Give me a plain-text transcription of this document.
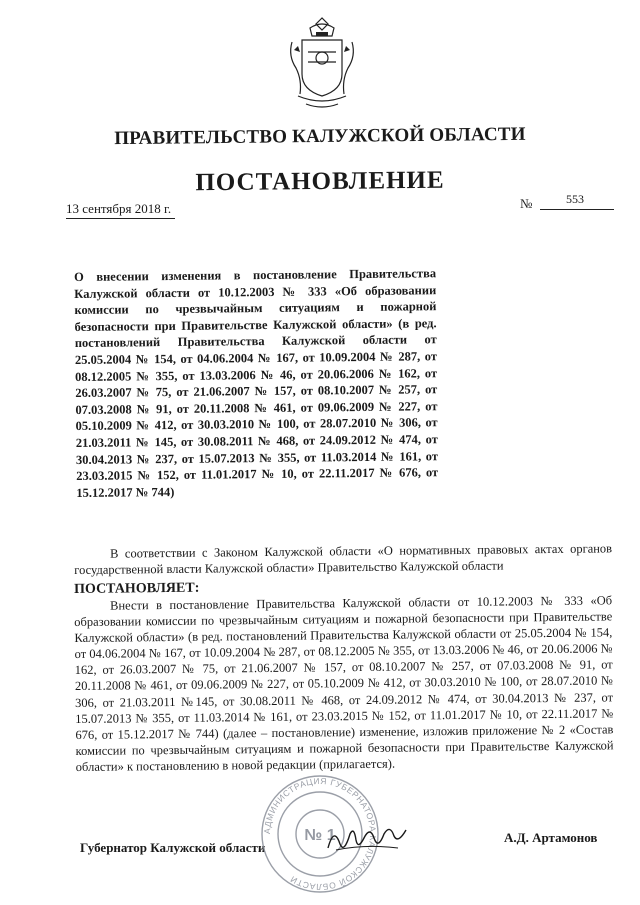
ПРАВИТЕЛЬСТВО КАЛУЖСКОЙ ОБЛАСТИ
ПОСТАНОВЛЕНИЕ
13 сентября 2018 г.	№	553
О внесении изменения в постановление Правительства Калужской области от 10.12.2003 № 333 «Об образовании комиссии по чрезвычайным ситуациям и пожарной безопасности при Правительстве Калужской области» (в ред. постановлений Правительства Калужской области от 25.05.2004 № 154, от 04.06.2004 № 167, от 10.09.2004 № 287, от 08.12.2005 № 355, от 13.03.2006 № 46, от 20.06.2006 № 162, от 26.03.2007 № 75, от 21.06.2007 № 157, от 08.10.2007 № 257, от 07.03.2008 № 91, от 20.11.2008 № 461, от 09.06.2009 № 227, от 05.10.2009 № 412, от 30.03.2010 № 100, от 28.07.2010 № 306, от 21.03.2011 № 145, от 30.08.2011 № 468, от 24.09.2012 № 474, от 30.04.2013 № 237, от 15.07.2013 № 355, от 11.03.2014 № 161, от 23.03.2015 № 152, от 11.01.2017 № 10, от 22.11.2017 № 676, от 15.12.2017 № 744)
В соответствии с Законом Калужской области «О нормативных правовых актах органов государственной власти Калужской области» Правительство Калужской области
ПОСТАНОВЛЯЕТ:
Внести в постановление Правительства Калужской области от 10.12.2003 № 333 «Об образовании комиссии по чрезвычайным ситуациям и пожарной безопасности при Правительстве Калужской области» (в ред. постановлений Правительства Калужской области от 25.05.2004 № 154, от 04.06.2004 № 167, от 10.09.2004 № 287, от 08.12.2005 № 355, от 13.03.2006 № 46, от 20.06.2006 № 162, от 26.03.2007 № 75, от 21.06.2007 № 157, от 08.10.2007 № 257, от 07.03.2008 № 91, от 20.11.2008 № 461, от 09.06.2009 № 227, от 05.10.2009 № 412, от 30.03.2010 № 100, от 28.07.2010 № 306, от 21.03.2011 №145, от 30.08.2011 № 468, от 24.09.2012 № 474, от 30.04.2013 № 237, от 15.07.2013 № 355, от 11.03.2014 № 161, от 23.03.2015 № 152, от 11.01.2017 № 10, от 22.11.2017 № 676, от 15.12.2017 № 744) (далее – постановление) изменение, изложив приложение № 2 «Состав комиссии по чрезвычайным ситуациям и пожарной безопасности при Правительстве Калужской области» к постановлению в новой редакции (прилагается).
Губернатор Калужской области
А.Д. Артамонов
АДМИНИСТРАЦИЯ ГУБЕРНАТОРА КАЛУЖСКОЙ ОБЛАСТИ
№ 1
